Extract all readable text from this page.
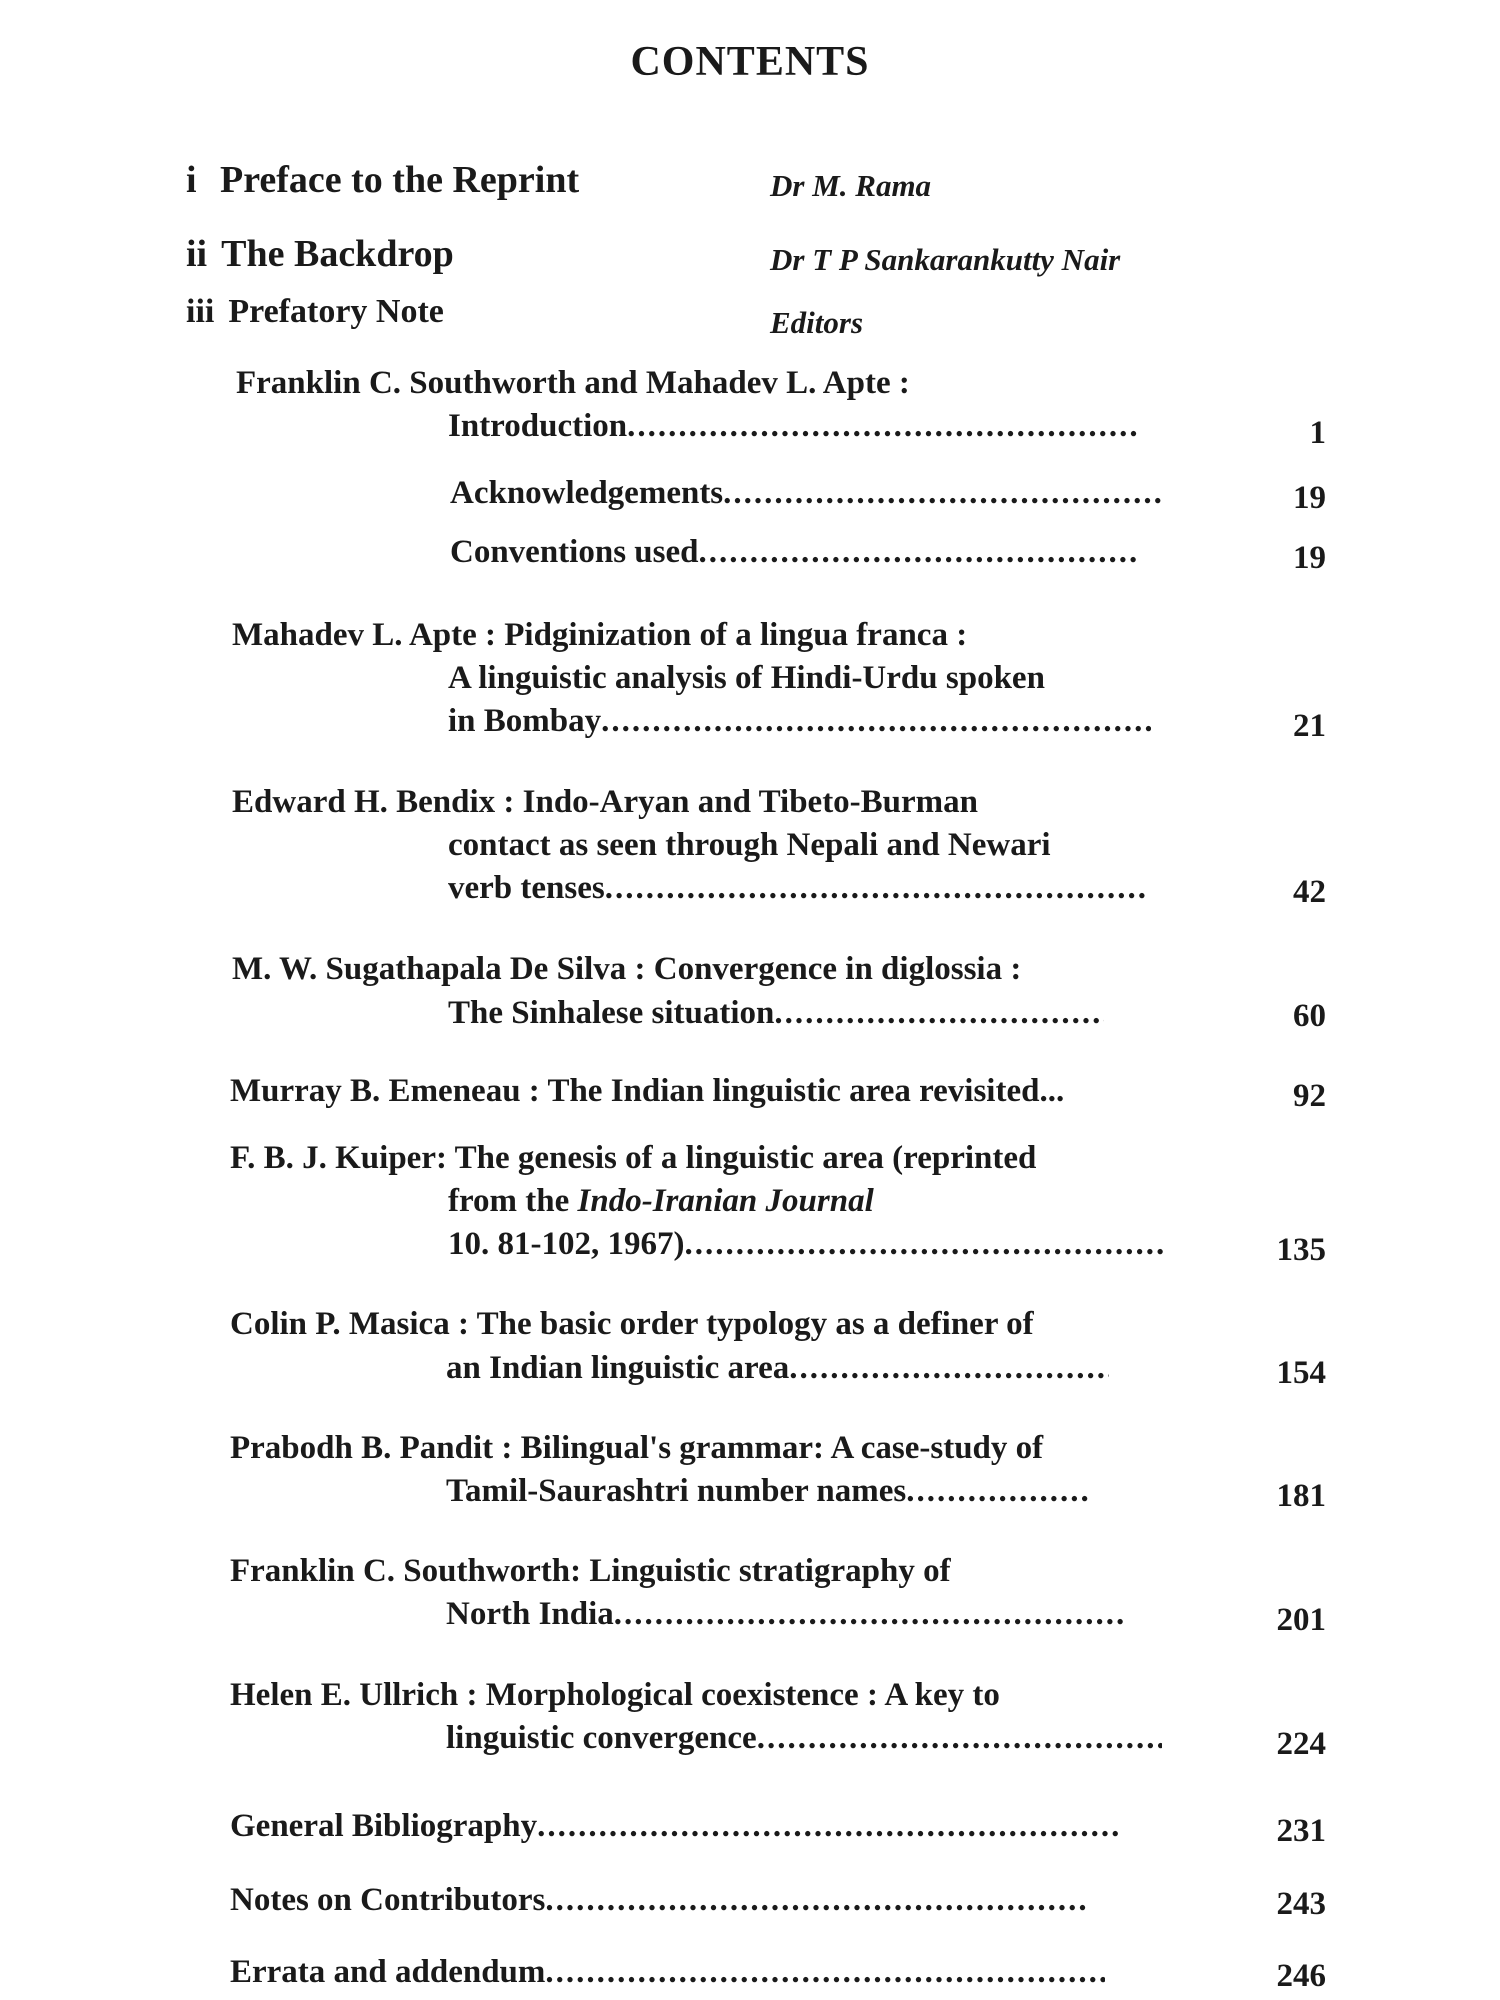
CONTENTS
i Preface to the Reprint	Dr M. Rama
ii The Backdrop	Dr T P Sankarankutty Nair
iii Prefatory Note	Editors
Franklin C. Southworth and Mahadev L. Apte :
Introduction .....	1
Acknowledgements .....	19
Conventions used .....	19
Mahadev L. Apte : Pidginization of a lingua franca :
A linguistic analysis of Hindi-Urdu spoken
in Bombay .....	21
Edward H. Bendix : Indo-Aryan and Tibeto-Burman
contact as seen through Nepali and Newari
verb tenses .....	42
M. W. Sugathapala De Silva : Convergence in diglossia :
The Sinhalese situation .....	60
Murray B. Emeneau : The Indian linguistic area revisited...	92
F. B. J. Kuiper: The genesis of a linguistic area (reprinted
from the Indo-Iranian Journal
10. 81-102, 1967) .....	135
Colin P. Masica : The basic order typology as a definer of
an Indian linguistic area .....	154
Prabodh B. Pandit : Bilingual's grammar: A case-study of
Tamil-Saurashtri number names .....	181
Franklin C. Southworth: Linguistic stratigraphy of
North India .....	201
Helen E. Ullrich : Morphological coexistence : A key to
linguistic convergence .....	224
General Bibliography .....	231
Notes on Contributors .....	243
Errata and addendum .....	246
